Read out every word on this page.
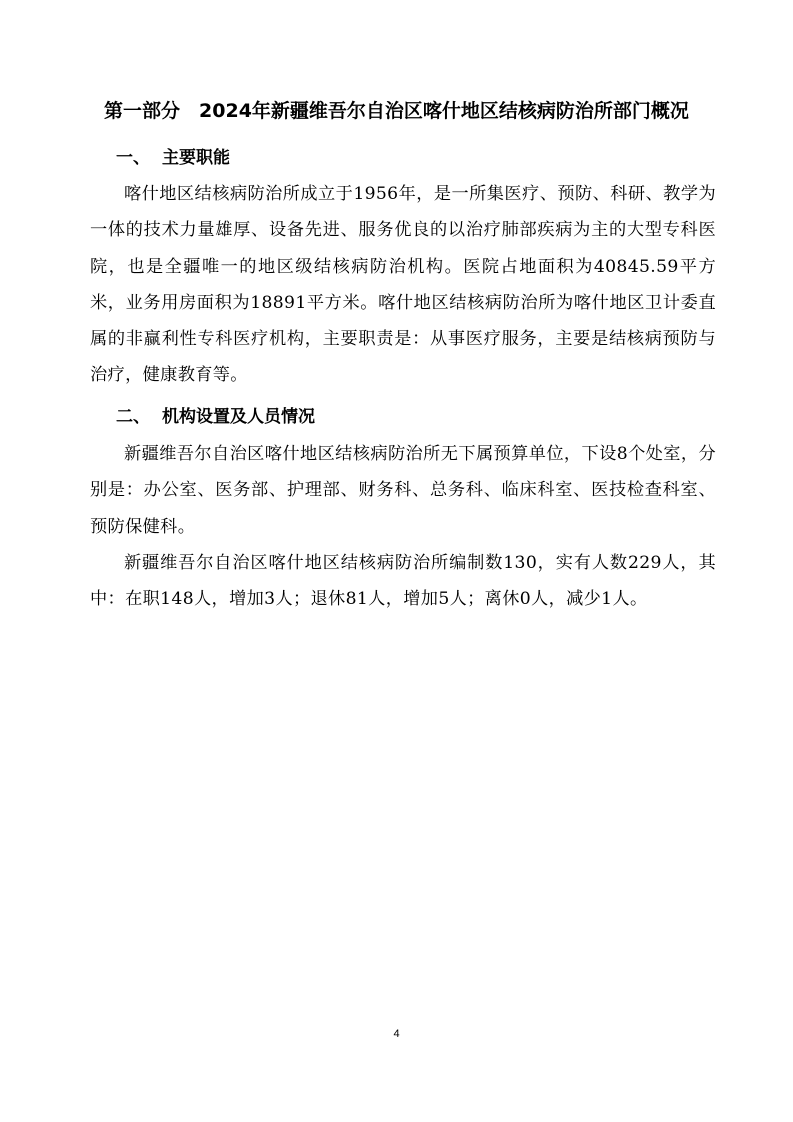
第一部分　2024年新疆维吾尔自治区喀什地区结核病防治所部门概况
一、 主要职能

喀什地区结核病防治所成立于1956年，是一所集医疗、预防、科研、教学为一体的技术力量雄厚、设备先进、服务优良的以治疗肺部疾病为主的大型专科医院，也是全疆唯一的地区级结核病防治机构。医院占地面积为40845.59平方米，业务用房面积为18891平方米。喀什地区结核病防治所为喀什地区卫计委直属的非赢利性专科医疗机构，主要职责是：从事医疗服务，主要是结核病预防与治疗，健康教育等。

二、 机构设置及人员情况

新疆维吾尔自治区喀什地区结核病防治所无下属预算单位，下设8个处室，分别是：办公室、医务部、护理部、财务科、总务科、临床科室、医技检查科室、预防保健科。

新疆维吾尔自治区喀什地区结核病防治所编制数130，实有人数229人，其中：在职148人，增加3人；退休81人，增加5人；离休0人，减少1人。

4
